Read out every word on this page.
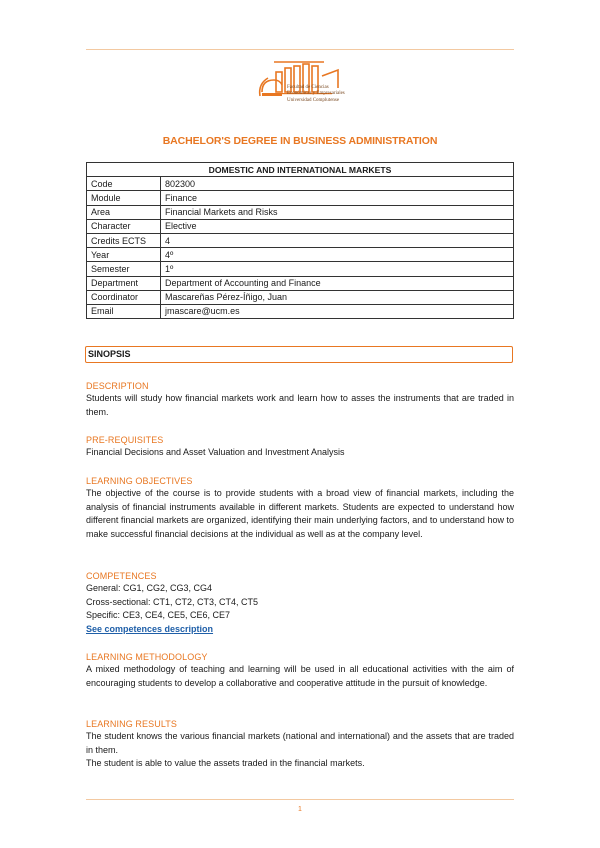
Facultad de Ciencias
Económicas y Empresariales
Universidad Complutense
BACHELOR'S DEGREE IN BUSINESS ADMINISTRATION
DOMESTIC AND INTERNATIONAL MARKETS	
Code	802300
Module	Finance
Area	Financial Markets and Risks
Character	Elective
Credits ECTS	4
Year	4º
Semester	1º
Department	Department of Accounting and Finance
Coordinator	Mascareñas Pérez-Íñigo, Juan
Email	jmascare@ucm.es
SINOPSIS
DESCRIPTION
Students will study how financial markets work and learn how to asses the instruments that are traded in them.
PRE-REQUISITES
Financial Decisions and Asset Valuation and Investment Analysis
LEARNING OBJECTIVES
The objective of the course is to provide students with a broad view of financial markets, including the analysis of financial instruments available in different markets. Students are expected to understand how different financial markets are organized, identifying their main underlying factors, and to understand how to make successful financial decisions at the individual as well as at the company level.
COMPETENCES
General: CG1, CG2, CG3, CG4
Cross-sectional: CT1, CT2, CT3, CT4, CT5
Specific: CE3, CE4, CE5, CE6, CE7
See competences description
LEARNING METHODOLOGY
A mixed methodology of teaching and learning will be used in all educational activities with the aim of encouraging students to develop a collaborative and cooperative attitude in the pursuit of knowledge.
LEARNING RESULTS
The student knows the various financial markets (national and international) and the assets that are traded in them.
The student is able to value the assets traded in the financial markets.
1
